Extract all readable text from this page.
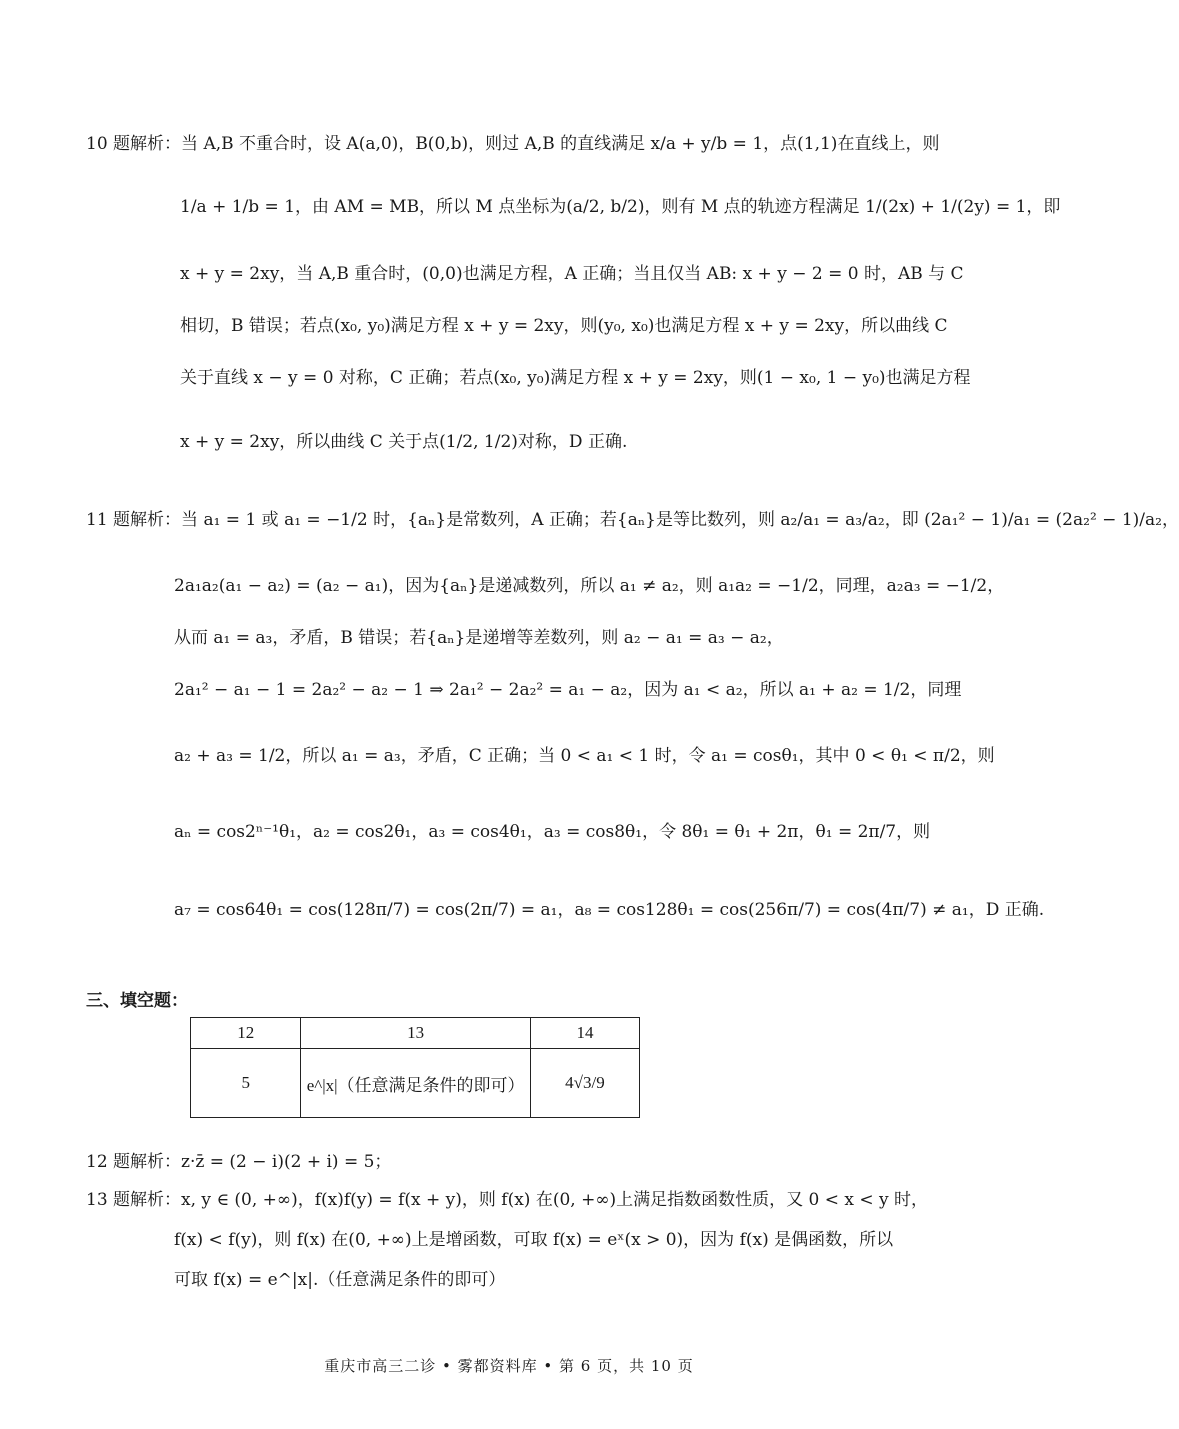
10 题解析：当 A,B 不重合时，设 A(a,0)，B(0,b)，则过 A,B 的直线满足 x/a + y/b = 1，点(1,1)在直线上，则
1/a + 1/b = 1，由 AM = MB，所以 M 点坐标为(a/2, b/2)，则有 M 点的轨迹方程满足 1/(2x) + 1/(2y) = 1，即
x + y = 2xy，当 A,B 重合时，(0,0)也满足方程，A 正确；当且仅当 AB: x + y − 2 = 0 时，AB 与 C
相切，B 错误；若点(x₀, y₀)满足方程 x + y = 2xy，则(y₀, x₀)也满足方程 x + y = 2xy，所以曲线 C
关于直线 x − y = 0 对称，C 正确；若点(x₀, y₀)满足方程 x + y = 2xy，则(1 − x₀, 1 − y₀)也满足方程
x + y = 2xy，所以曲线 C 关于点(1/2, 1/2)对称，D 正确.
11 题解析：当 a₁ = 1 或 a₁ = −1/2 时，{aₙ}是常数列，A 正确；若{aₙ}是等比数列，则 a₂/a₁ = a₃/a₂，即 (2a₁² − 1)/a₁ = (2a₂² − 1)/a₂，
2a₁a₂(a₁ − a₂) = (a₂ − a₁)，因为{aₙ}是递减数列，所以 a₁ ≠ a₂，则 a₁a₂ = −1/2，同理，a₂a₃ = −1/2，
从而 a₁ = a₃，矛盾，B 错误；若{aₙ}是递增等差数列，则 a₂ − a₁ = a₃ − a₂，
2a₁² − a₁ − 1 = 2a₂² − a₂ − 1 ⇒ 2a₁² − 2a₂² = a₁ − a₂，因为 a₁ < a₂，所以 a₁ + a₂ = 1/2，同理
a₂ + a₃ = 1/2，所以 a₁ = a₃，矛盾，C 正确；当 0 < a₁ < 1 时，令 a₁ = cosθ₁，其中 0 < θ₁ < π/2，则
aₙ = cos2ⁿ⁻¹θ₁，a₂ = cos2θ₁，a₃ = cos4θ₁，a₃ = cos8θ₁，令 8θ₁ = θ₁ + 2π，θ₁ = 2π/7，则
a₇ = cos64θ₁ = cos(128π/7) = cos(2π/7) = a₁，a₈ = cos128θ₁ = cos(256π/7) = cos(4π/7) ≠ a₁，D 正确.
三、填空题：
12	13	14
5	e^|x|（任意满足条件的即可）	4√3/9
12 题解析：z·z̄ = (2 − i)(2 + i) = 5；
13 题解析：x, y ∈ (0, +∞)，f(x)f(y) = f(x + y)，则 f(x) 在(0, +∞)上满足指数函数性质，又 0 < x < y 时，
f(x) < f(y)，则 f(x) 在(0, +∞)上是增函数，可取 f(x) = eˣ(x > 0)，因为 f(x) 是偶函数，所以
可取 f(x) = e^|x|.（任意满足条件的即可）
重庆市高三二诊 • 雾都资料库 • 第 6 页，共 10 页
